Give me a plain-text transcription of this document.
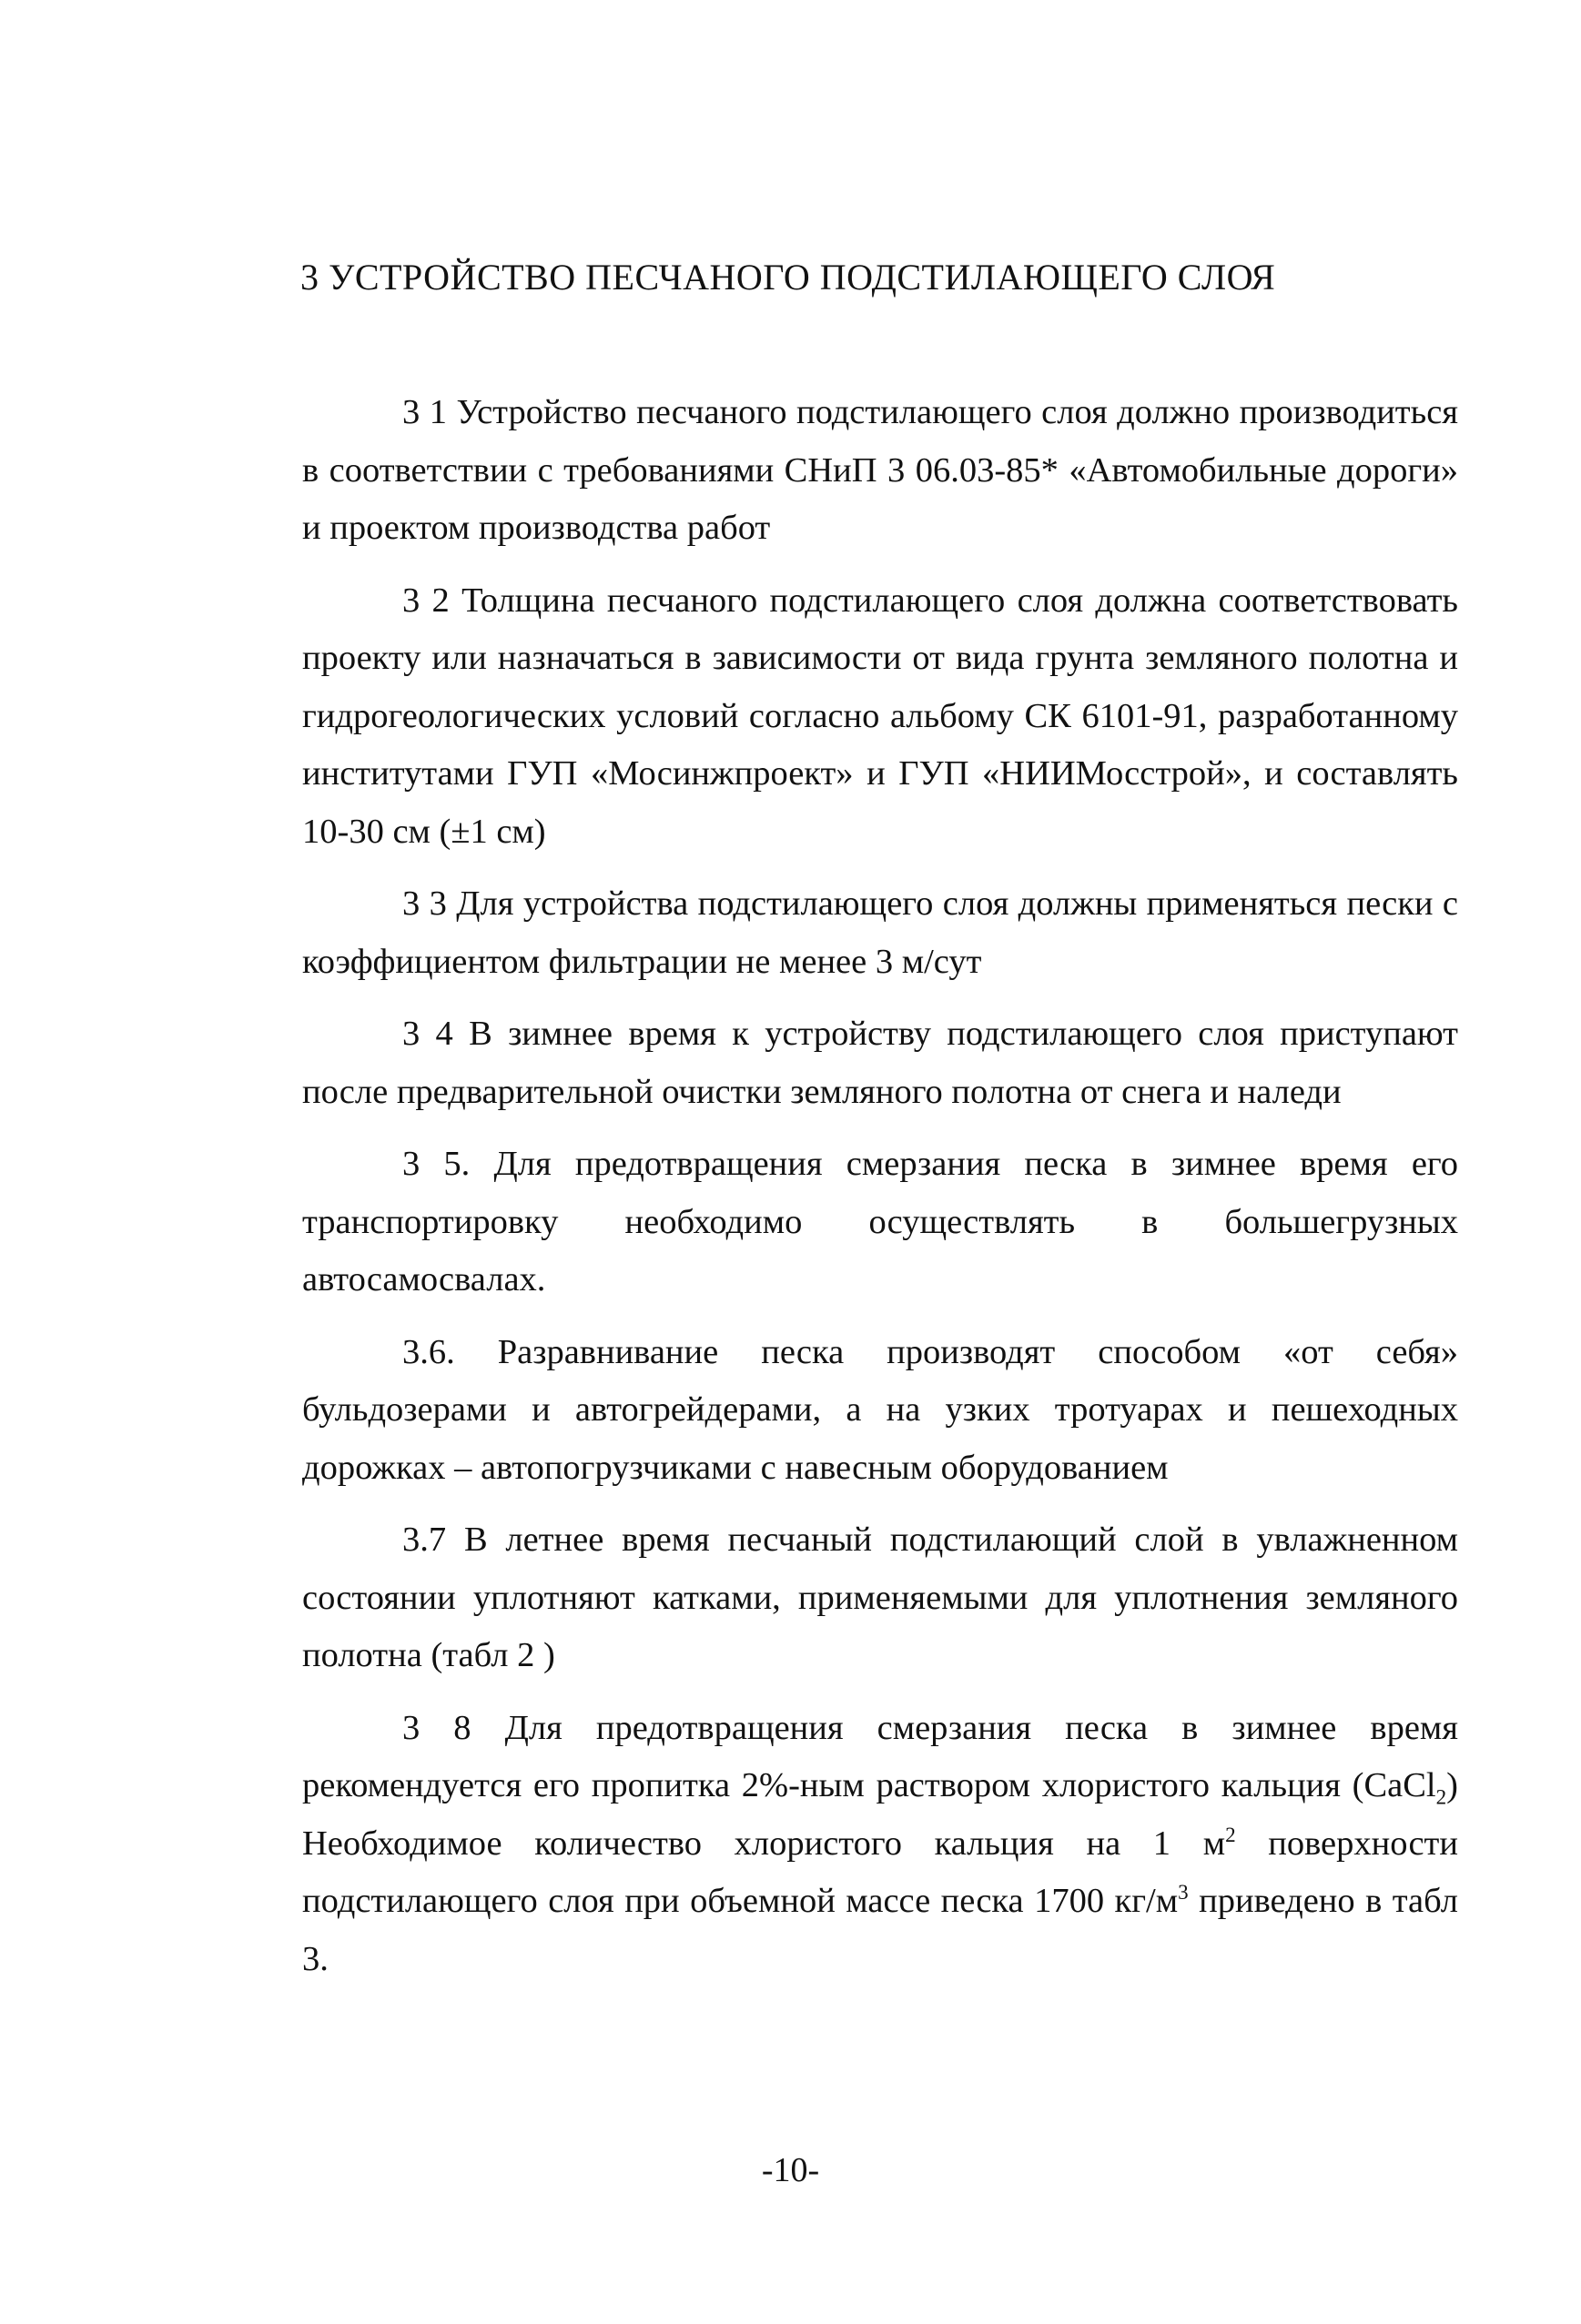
3 УСТРОЙСТВО ПЕСЧАНОГО ПОДСТИЛАЮЩЕГО СЛОЯ

3 1 Устройство песчаного подстилающего слоя должно производиться в соответствии с требованиями СНиП 3 06.03-85* «Автомобильные дороги» и проектом производства работ

3 2 Толщина песчаного подстилающего слоя должна соответствовать проекту или назначаться в зависимости от вида грунта земляного полотна и гидрогеологических условий согласно альбому СК 6101-91, разработанному институтами ГУП «Мосинжпроект» и ГУП «НИИМосстрой», и составлять 10-30 см (±1 см)

3 3 Для устройства подстилающего слоя должны применяться пески с коэффициентом фильтрации не менее 3 м/сут

3 4 В зимнее время к устройству подстилающего слоя приступают после предварительной очистки земляного полотна от снега и наледи

3 5. Для предотвращения смерзания песка в зимнее время его транспортировку необходимо осуществлять в большегрузных автосамосвалах.

3.6. Разравнивание песка производят способом «от себя» бульдозерами и автогрейдерами, а на узких тротуарах и пешеходных дорожках – автопогрузчиками с навесным оборудованием

3.7 В летнее время песчаный подстилающий слой в увлажненном состоянии уплотняют катками, применяемыми для уплотнения земляного полотна (табл 2 )

3 8 Для предотвращения смерзания песка в зимнее время рекомендуется его пропитка 2%-ным раствором хлористого кальция (CaCl$_2$) Необходимое количество хлористого кальция на 1 $м^2$ поверхности подстилающего слоя при объемной массе песка 1700 $кг/м^3$ приведено в табл 3.

-10-
